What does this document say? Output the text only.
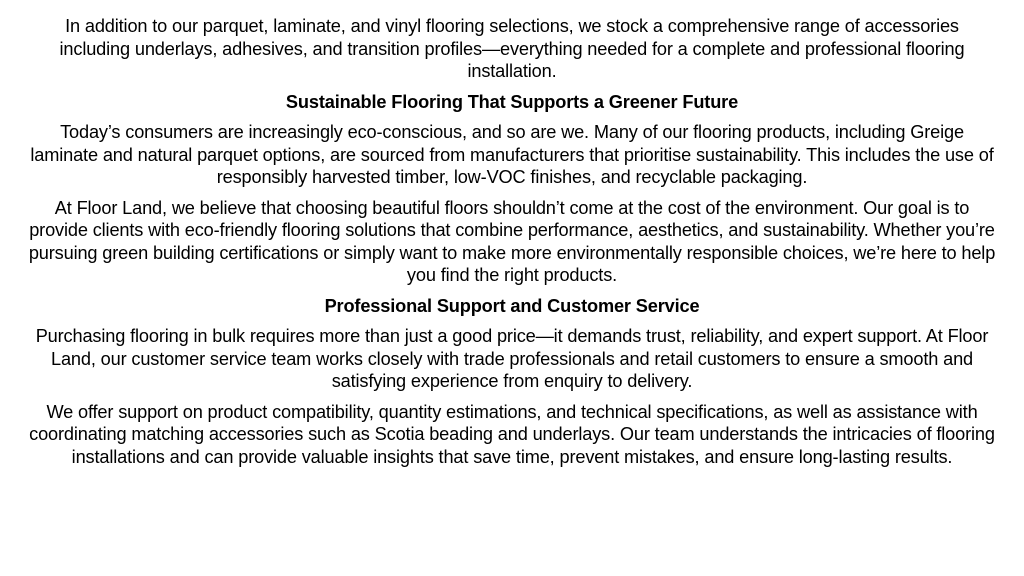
In addition to our parquet, laminate, and vinyl flooring selections, we stock a comprehensive range of accessories including underlays, adhesives, and transition profiles—everything needed for a complete and professional flooring installation.

Sustainable Flooring That Supports a Greener Future

Today’s consumers are increasingly eco-conscious, and so are we. Many of our flooring products, including Greige laminate and natural parquet options, are sourced from manufacturers that prioritise sustainability. This includes the use of responsibly harvested timber, low-VOC finishes, and recyclable packaging.

At Floor Land, we believe that choosing beautiful floors shouldn’t come at the cost of the environment. Our goal is to provide clients with eco-friendly flooring solutions that combine performance, aesthetics, and sustainability. Whether you’re pursuing green building certifications or simply want to make more environmentally responsible choices, we’re here to help you find the right products.

Professional Support and Customer Service

Purchasing flooring in bulk requires more than just a good price—it demands trust, reliability, and expert support. At Floor Land, our customer service team works closely with trade professionals and retail customers to ensure a smooth and satisfying experience from enquiry to delivery.

We offer support on product compatibility, quantity estimations, and technical specifications, as well as assistance with coordinating matching accessories such as Scotia beading and underlays. Our team understands the intricacies of flooring installations and can provide valuable insights that save time, prevent mistakes, and ensure long-lasting results.
